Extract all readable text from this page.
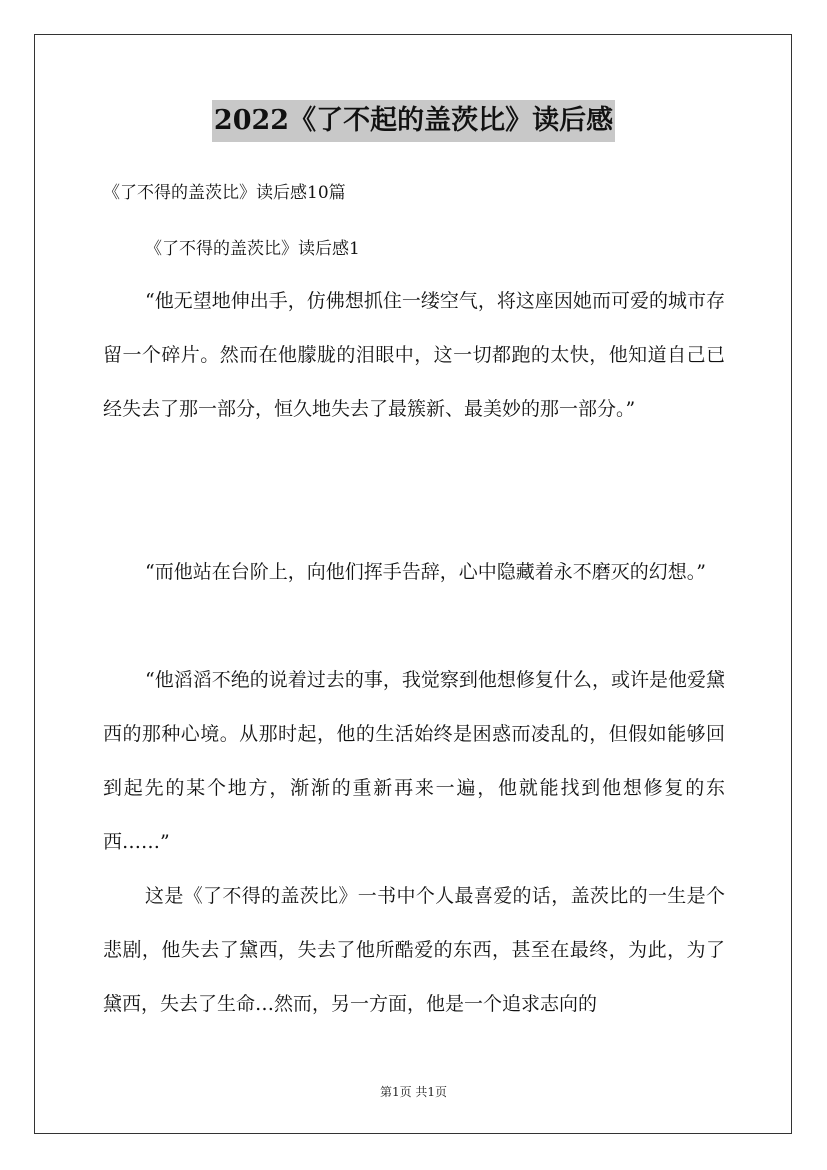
2022《了不起的盖茨比》读后感
《了不得的盖茨比》读后感10篇
《了不得的盖茨比》读后感1

“他无望地伸出手，仿佛想抓住一缕空气，将这座因她而可爱的城市存留一个碎片。然而在他朦胧的泪眼中，这一切都跑的太快，他知道自己已经失去了那一部分，恒久地失去了最簇新、最美妙的那一部分。”

“而他站在台阶上，向他们挥手告辞，心中隐藏着永不磨灭的幻想。”

“他滔滔不绝的说着过去的事，我觉察到他想修复什么，或许是他爱黛西的那种心境。从那时起，他的生活始终是困惑而凌乱的，但假如能够回到起先的某个地方，渐渐的重新再来一遍，他就能找到他想修复的东西……”

这是《了不得的盖茨比》一书中个人最喜爱的话，盖茨比的一生是个悲剧，他失去了黛西，失去了他所酷爱的东西，甚至在最终，为此，为了黛西，失去了生命…然而，另一方面，他是一个追求志向的

第1页 共1页
